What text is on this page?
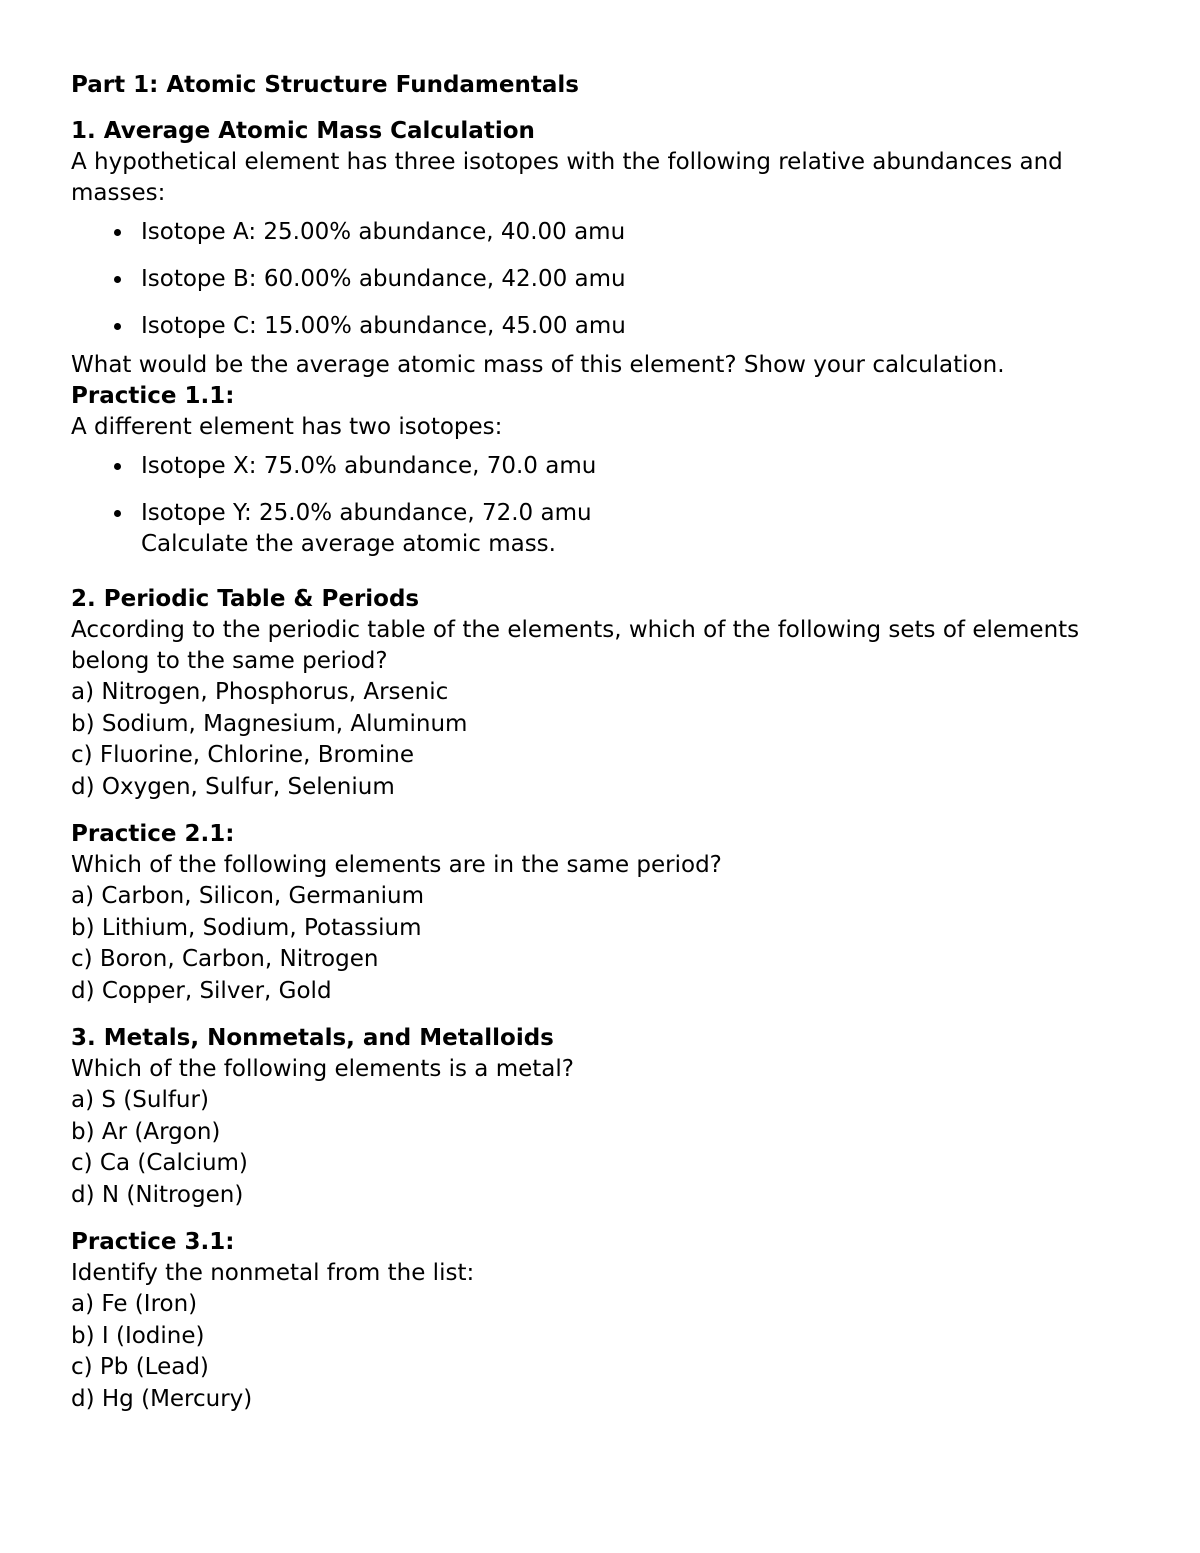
Part 1: Atomic Structure Fundamentals

1. Average Atomic Mass Calculation

A hypothetical element has three isotopes with the following relative abundances and masses:

Isotope A: 25.00% abundance, 40.00 amu
Isotope B: 60.00% abundance, 42.00 amu
Isotope C: 15.00% abundance, 45.00 amu

What would be the average atomic mass of this element? Show your calculation.

Practice 1.1:

A different element has two isotopes:

Isotope X: 75.0% abundance, 70.0 amu
Isotope Y: 25.0% abundance, 72.0 amu
Calculate the average atomic mass.

2. Periodic Table & Periods

According to the periodic table of the elements, which of the following sets of elements belong to the same period?

a) Nitrogen, Phosphorus, Arsenic

b) Sodium, Magnesium, Aluminum

c) Fluorine, Chlorine, Bromine

d) Oxygen, Sulfur, Selenium

Practice 2.1:

Which of the following elements are in the same period?

a) Carbon, Silicon, Germanium

b) Lithium, Sodium, Potassium

c) Boron, Carbon, Nitrogen

d) Copper, Silver, Gold

3. Metals, Nonmetals, and Metalloids

Which of the following elements is a metal?

a) S (Sulfur)

b) Ar (Argon)

c) Ca (Calcium)

d) N (Nitrogen)

Practice 3.1:

Identify the nonmetal from the list:

a) Fe (Iron)

b) I (Iodine)

c) Pb (Lead)

d) Hg (Mercury)
